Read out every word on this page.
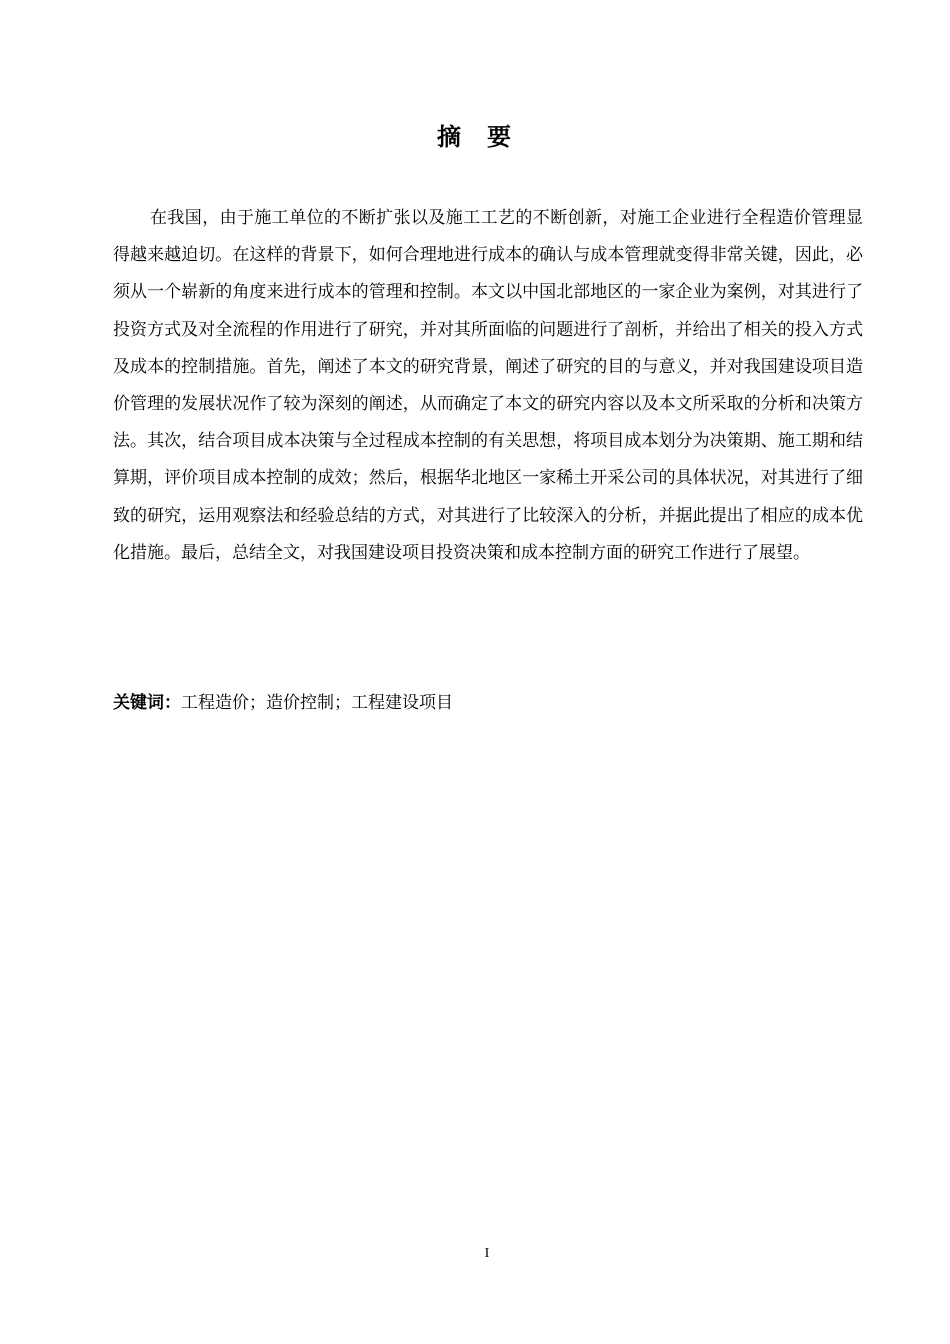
摘要

在我国，由于施工单位的不断扩张以及施工工艺的不断创新，对施工企业进行全程造价管理显得越来越迫切。在这样的背景下，如何合理地进行成本的确认与成本管理就变得非常关键，因此，必须从一个崭新的角度来进行成本的管理和控制。本文以中国北部地区的一家企业为案例，对其进行了投资方式及对全流程的作用进行了研究，并对其所面临的问题进行了剖析，并给出了相关的投入方式及成本的控制措施。首先，阐述了本文的研究背景，阐述了研究的目的与意义，并对我国建设项目造价管理的发展状况作了较为深刻的阐述，从而确定了本文的研究内容以及本文所采取的分析和决策方法。其次，结合项目成本决策与全过程成本控制的有关思想，将项目成本划分为决策期、施工期和结算期，评价项目成本控制的成效；然后，根据华北地区一家稀土开采公司的具体状况，对其进行了细致的研究，运用观察法和经验总结的方式，对其进行了比较深入的分析，并据此提出了相应的成本优化措施。最后，总结全文，对我国建设项目投资决策和成本控制方面的研究工作进行了展望。

关键词：工程造价；造价控制；工程建设项目
I
